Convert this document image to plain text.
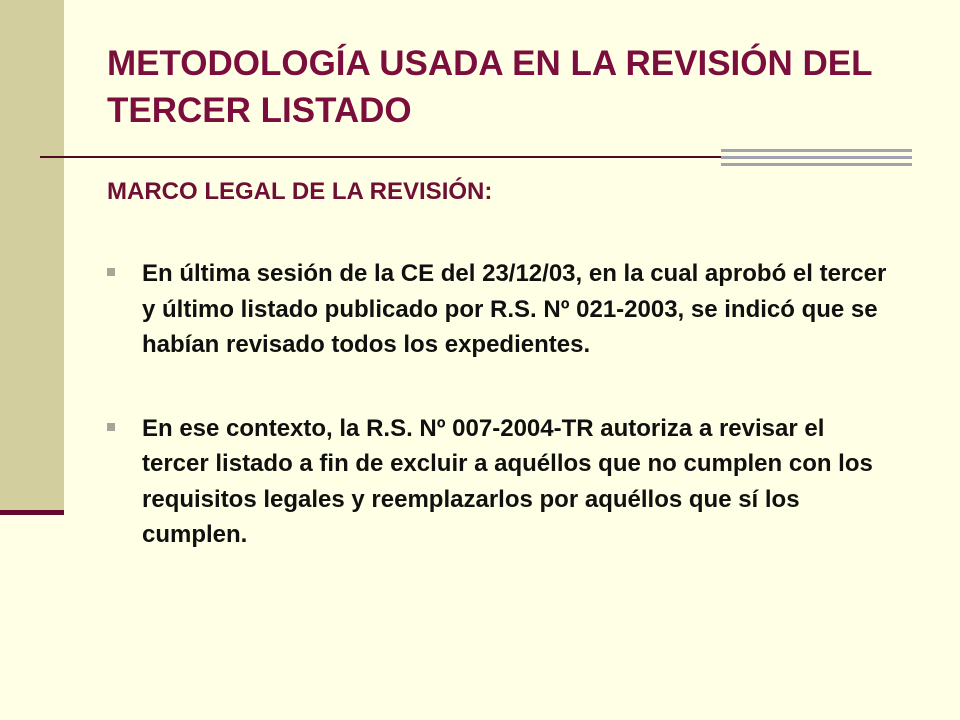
METODOLOGÍA USADA EN LA REVISIÓN DEL TERCER LISTADO
MARCO LEGAL DE LA REVISIÓN:
En última sesión de la CE del 23/12/03, en la cual aprobó el tercer y último listado publicado por R.S. Nº 021-2003, se indicó que se habían revisado todos los expedientes.
En ese contexto, la R.S. Nº 007-2004-TR autoriza a revisar el tercer listado a fin de excluir a aquéllos que no cumplen con los requisitos legales y reemplazarlos por aquéllos que sí los cumplen.
